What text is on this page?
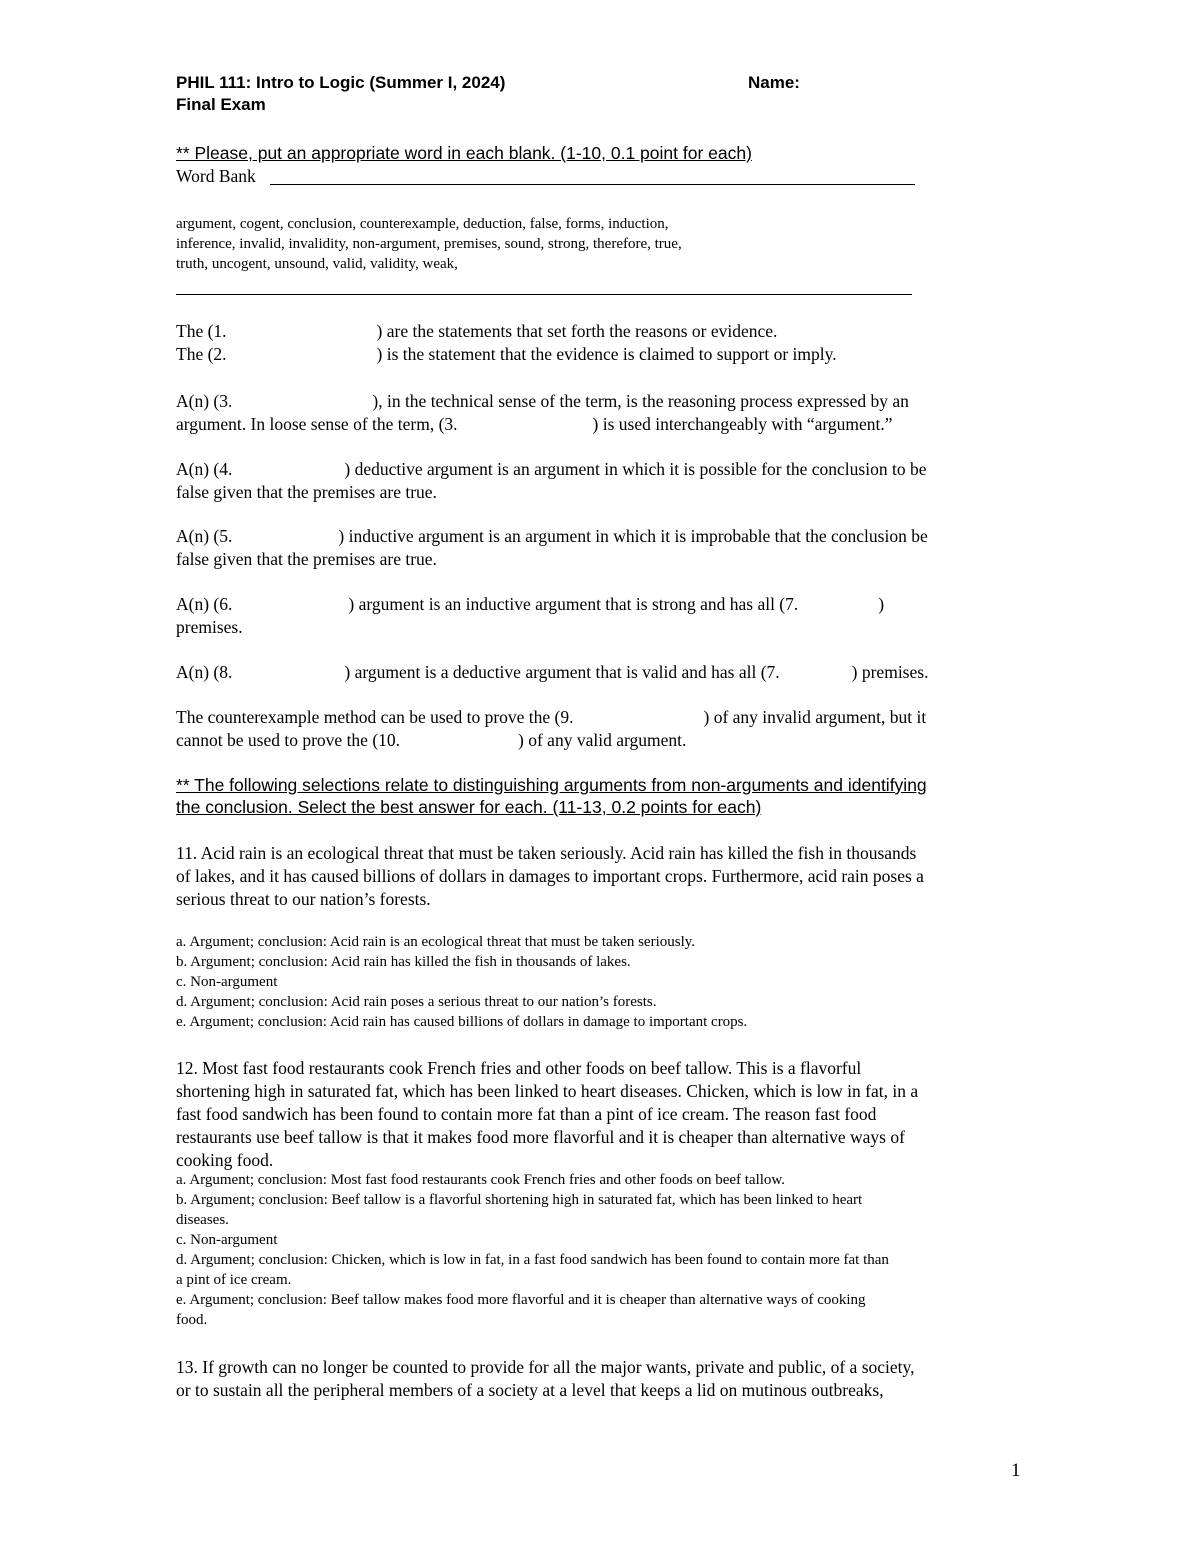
PHIL 111: Intro to Logic (Summer I, 2024)	Name:
Final Exam
** Please, put an appropriate word in each blank. (1-10, 0.1 point for each)
Word Bank
argument, cogent, conclusion, counterexample, deduction, false, forms, induction,
inference, invalid, invalidity, non-argument, premises, sound, strong, therefore, true,
truth, uncogent, unsound, valid, validity, weak,
The (1.	) are the statements that set forth the reasons or evidence.
The (2.	) is the statement that the evidence is claimed to support or imply.
A(n) (3.	), in the technical sense of the term, is the reasoning process expressed by an
argument. In loose sense of the term, (3.	) is used interchangeably with “argument.”
A(n) (4.	) deductive argument is an argument in which it is possible for the conclusion to be
false given that the premises are true.
A(n) (5.	) inductive argument is an argument in which it is improbable that the conclusion be
false given that the premises are true.
A(n) (6.	) argument is an inductive argument that is strong and has all (7.	)
premises.
A(n) (8.	) argument is a deductive argument that is valid and has all (7.	) premises.
The counterexample method can be used to prove the (9.	) of any invalid argument, but it
cannot be used to prove the (10.	) of any valid argument.
** The following selections relate to distinguishing arguments from non-arguments and identifying
the conclusion. Select the best answer for each. (11-13, 0.2 points for each)
11. Acid rain is an ecological threat that must be taken seriously. Acid rain has killed the fish in thousands
of lakes, and it has caused billions of dollars in damages to important crops. Furthermore, acid rain poses a
serious threat to our nation’s forests.
a. Argument; conclusion: Acid rain is an ecological threat that must be taken seriously.
b. Argument; conclusion: Acid rain has killed the fish in thousands of lakes.
c. Non-argument
d. Argument; conclusion: Acid rain poses a serious threat to our nation’s forests.
e. Argument; conclusion: Acid rain has caused billions of dollars in damage to important crops.
12. Most fast food restaurants cook French fries and other foods on beef tallow. This is a flavorful
shortening high in saturated fat, which has been linked to heart diseases. Chicken, which is low in fat, in a
fast food sandwich has been found to contain more fat than a pint of ice cream. The reason fast food
restaurants use beef tallow is that it makes food more flavorful and it is cheaper than alternative ways of
cooking food.
a. Argument; conclusion: Most fast food restaurants cook French fries and other foods on beef tallow.
b. Argument; conclusion: Beef tallow is a flavorful shortening high in saturated fat, which has been linked to heart
diseases.
c. Non-argument
d. Argument; conclusion: Chicken, which is low in fat, in a fast food sandwich has been found to contain more fat than
a pint of ice cream.
e. Argument; conclusion: Beef tallow makes food more flavorful and it is cheaper than alternative ways of cooking
food.
13. If growth can no longer be counted to provide for all the major wants, private and public, of a society,
or to sustain all the peripheral members of a society at a level that keeps a lid on mutinous outbreaks,
1
